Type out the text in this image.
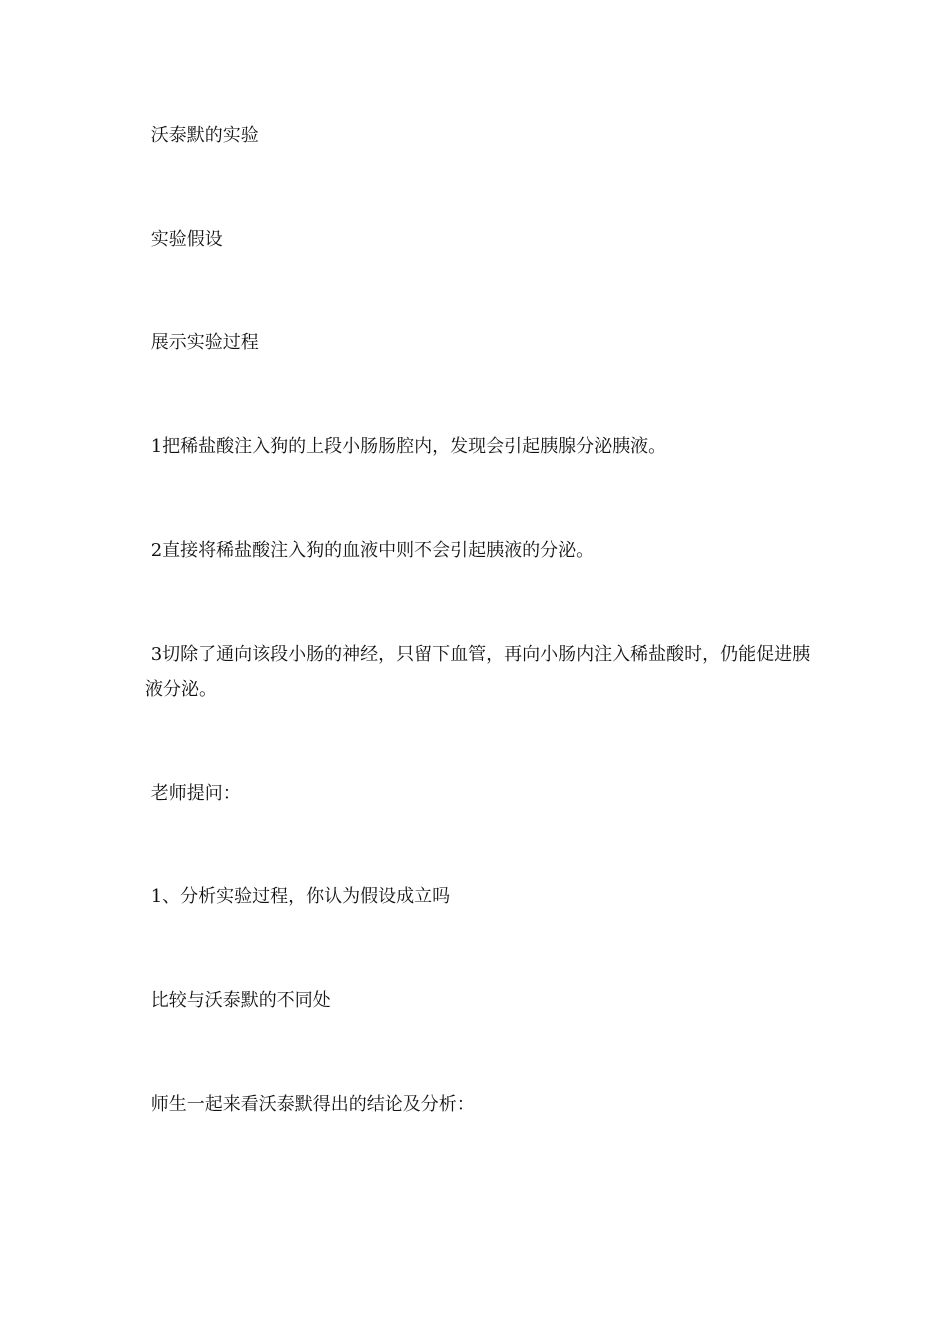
沃泰默的实验

实验假设

展示实验过程

1把稀盐酸注入狗的上段小肠肠腔内，发现会引起胰腺分泌胰液。

2直接将稀盐酸注入狗的血液中则不会引起胰液的分泌。

3切除了通向该段小肠的神经，只留下血管，再向小肠内注入稀盐酸时，仍能促进胰液分泌。

老师提问：

1、分析实验过程，你认为假设成立吗

比较与沃泰默的不同处

师生一起来看沃泰默得出的结论及分析：
